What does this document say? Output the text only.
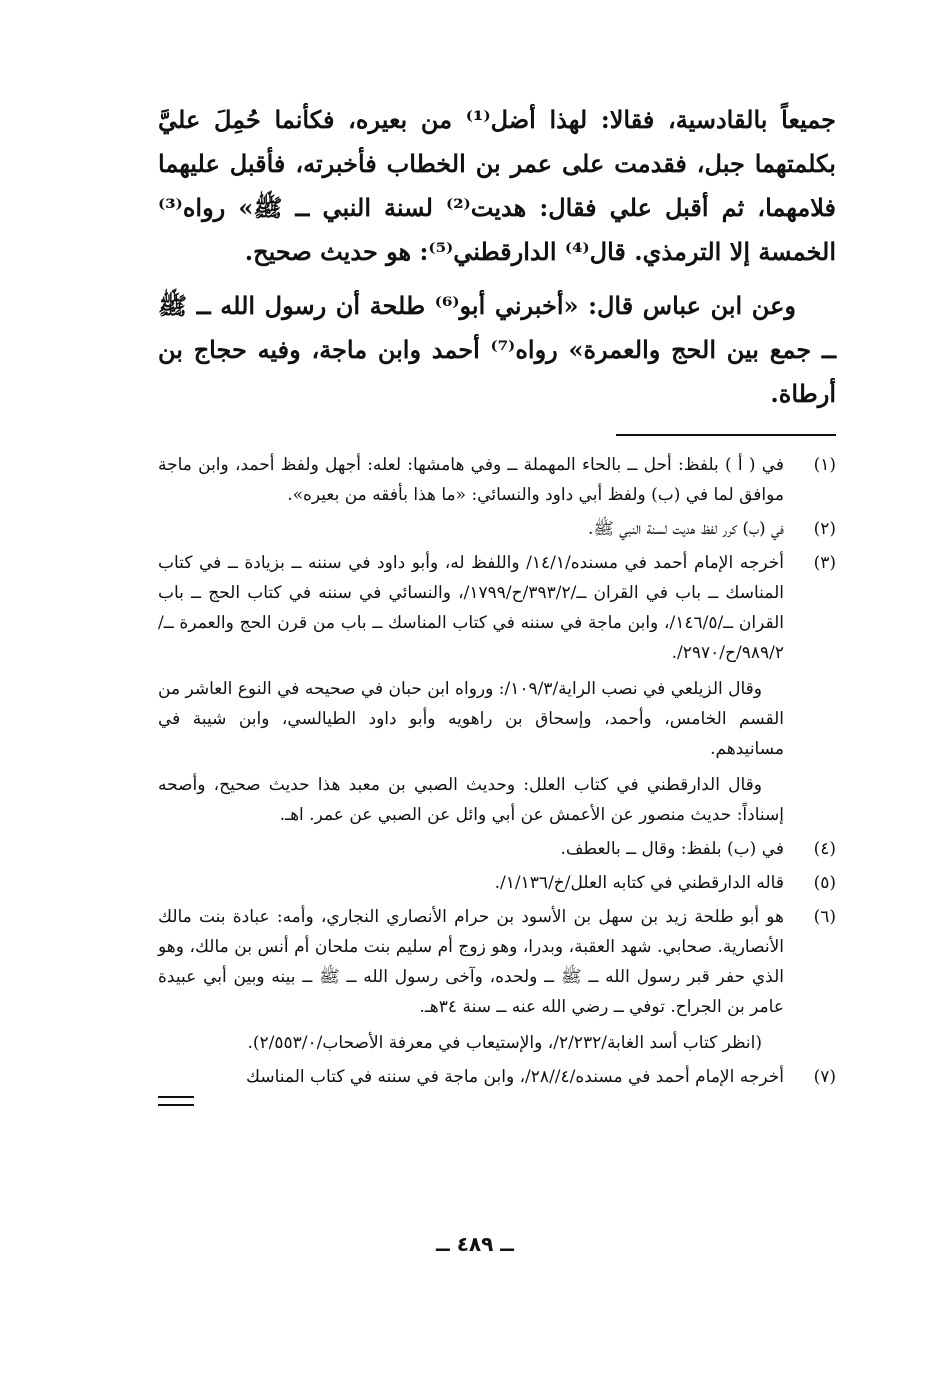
جميعاً بالقادسية، فقالا: لهذا أضل⁽¹⁾ من بعيره، فكأنما حُمِلَ عليَّ بكلمتهما جبل، فقدمت على عمر بن الخطاب فأخبرته، فأقبل عليهما فلامهما، ثم أقبل علي فقال: هديت⁽²⁾ لسنة النبي ــ ﷺ» رواه⁽³⁾ الخمسة إلا الترمذي. قال⁽⁴⁾ الدارقطني⁽⁵⁾: هو حديث صحيح.

وعن ابن عباس قال: «أخبرني أبو⁽⁶⁾ طلحة أن رسول الله ــ ﷺ ــ جمع بين الحج والعمرة» رواه⁽⁷⁾ أحمد وابن ماجة، وفيه حجاج بن أرطاة.

(١)

في ( أ ) بلفظ: أحل ــ بالحاء المهملة ــ وفي هامشها: لعله: أجهل ولفظ أحمد، وابن ماجة موافق لما في (ب) ولفظ أبي داود والنسائي: «ما هذا بأفقه من بعيره».

(٢)

في (ب) كرر لفظ هديت لسنة النبي ﷺ.

(٣)

أخرجه الإمام أحمد في مسنده/١٤/١/ واللفظ له، وأبو داود في سننه ــ بزيادة ــ في كتاب المناسك ــ باب في القران ــ/٣٩٣/٢/ح/١٧٩٩/، والنسائي في سننه في كتاب الحج ــ باب القران ــ/١٤٦/٥/، وابن ماجة في سننه في كتاب المناسك ــ باب من قرن الحج والعمرة ــ/٩٨٩/٢/ح/٢٩٧٠/.

وقال الزيلعي في نصب الراية/١٠٩/٣/: ورواه ابن حبان في صحيحه في النوع العاشر من القسم الخامس، وأحمد، وإسحاق بن راهويه وأبو داود الطيالسي، وابن شيبة في مسانيدهم.

وقال الدارقطني في كتاب العلل: وحديث الصبي بن معبد هذا حديث صحيح، وأصحه إسناداً: حديث منصور عن الأعمش عن أبي وائل عن الصبي عن عمر. اهـ.

(٤)

في (ب) بلفظ: وقال ــ بالعطف.

(٥)

قاله الدارقطني في كتابه العلل/خ/١/١٣٦/.

(٦)

هو أبو طلحة زيد بن سهل بن الأسود بن حرام الأنصاري النجاري، وأمه: عبادة بنت مالك الأنصارية. صحابي. شهد العقبة، وبدرا، وهو زوج أم سليم بنت ملحان أم أنس بن مالك، وهو الذي حفر قبر رسول الله ــ ﷺ ــ ولحده، وآخى رسول الله ــ ﷺ ــ بينه وبين أبي عبيدة عامر بن الجراح. توفي ــ رضي الله عنه ــ سنة ٣٤هـ.

(انظر كتاب أسد الغابة/٢/٢٣٢/، والإستيعاب في معرفة الأصحاب/٢/٥٥٣/٠).

(٧)

أخرجه الإمام أحمد في مسنده/٤//٢٨/، وابن ماجة في سننه في كتاب المناسك

ــ ٤٨٩ ــ
